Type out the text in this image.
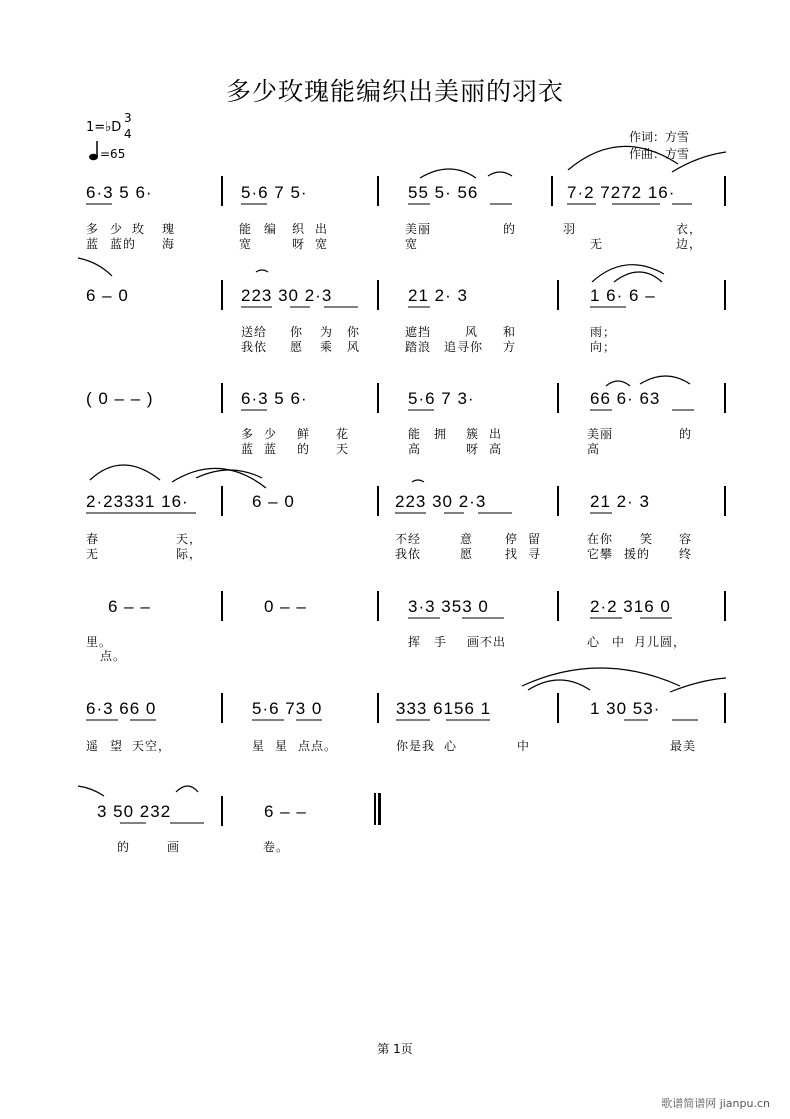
多少玫瑰能编织出美丽的羽衣
1=♭D
3
4
=65
作词：方雪
作曲：方雪
6·3 5 6·	5·6 7 5·	55 5· 56	7·2 7272 16·
多 少 玫 瑰	能 编 织 出	美丽	的	羽	衣，
蓝 蓝的 海	宽	呀 宽	宽	无	边，
6 – 0	223 30 2·3	21 2· 3	1 6· 6 –
送给 你 为 你	遮挡	风 和	雨；
我依 愿 乘 风	踏浪 追寻你 方	向；
( 0 – – )	6·3 5 6·	5·6 7 3·	66 6· 63
多 少 鲜 花	能 拥 簇 出	美丽	的
蓝 蓝 的 天	高	呀 高	高
2·23331 16·	6 – 0	223 30 2·3	21 2· 3
春	天，	不经	意	停 留	在你 笑 容
无	际，	我依	愿	找 寻	它攀 援的 终
6 – –	0 – –	3·3 353 0	2·2 316 0
里。	挥 手 画不出	心 中 月儿圆，
点。
6·3 66 0	5·6 73 0	333 6156 1	1 30 53·
遥 望 天空，	星 星 点点。	你是我 心	中	最美
3 50 232	6 – –
的	画	卷。
第 1页
歌谱简谱网 jianpu.cn
